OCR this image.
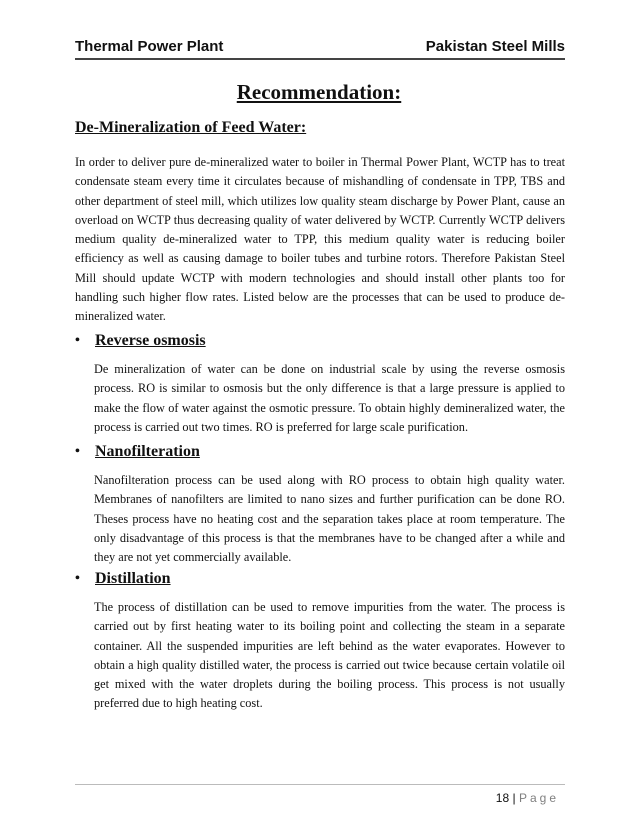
Thermal Power Plant	Pakistan Steel Mills
Recommendation:
De-Mineralization of Feed Water:

In order to deliver pure de-mineralized water to boiler in Thermal Power Plant, WCTP has to treat condensate steam every time it circulates because of mishandling of condensate in TPP, TBS and other department of steel mill, which utilizes low quality steam discharge by Power Plant, cause an overload on WCTP thus decreasing quality of water delivered by WCTP. Currently WCTP delivers medium quality de-mineralized water to TPP, this medium quality water is reducing boiler efficiency as well as causing damage to boiler tubes and turbine rotors. Therefore Pakistan Steel Mill should update WCTP with modern technologies and should install other plants too for handling such higher flow rates. Listed below are the processes that can be used to produce de-mineralized water.

• Reverse osmosis
De mineralization of water can be done on industrial scale by using the reverse osmosis process. RO is similar to osmosis but the only difference is that a large pressure is applied to make the flow of water against the osmotic pressure. To obtain highly demineralized water, the process is carried out two times. RO is preferred for large scale purification.
• Nanofilteration
Nanofilteration process can be used along with RO process to obtain high quality water. Membranes of nanofilters are limited to nano sizes and further purification can be done RO. Theses process have no heating cost and the separation takes place at room temperature. The only disadvantage of this process is that the membranes have to be changed after a while and they are not yet commercially available.
• Distillation
The process of distillation can be used to remove impurities from the water. The process is carried out by first heating water to its boiling point and collecting the steam in a separate container. All the suspended impurities are left behind as the water evaporates. However to obtain a high quality distilled water, the process is carried out twice because certain volatile oil get mixed with the water droplets during the boiling process. This process is not usually preferred due to high heating cost.
18 | Page
